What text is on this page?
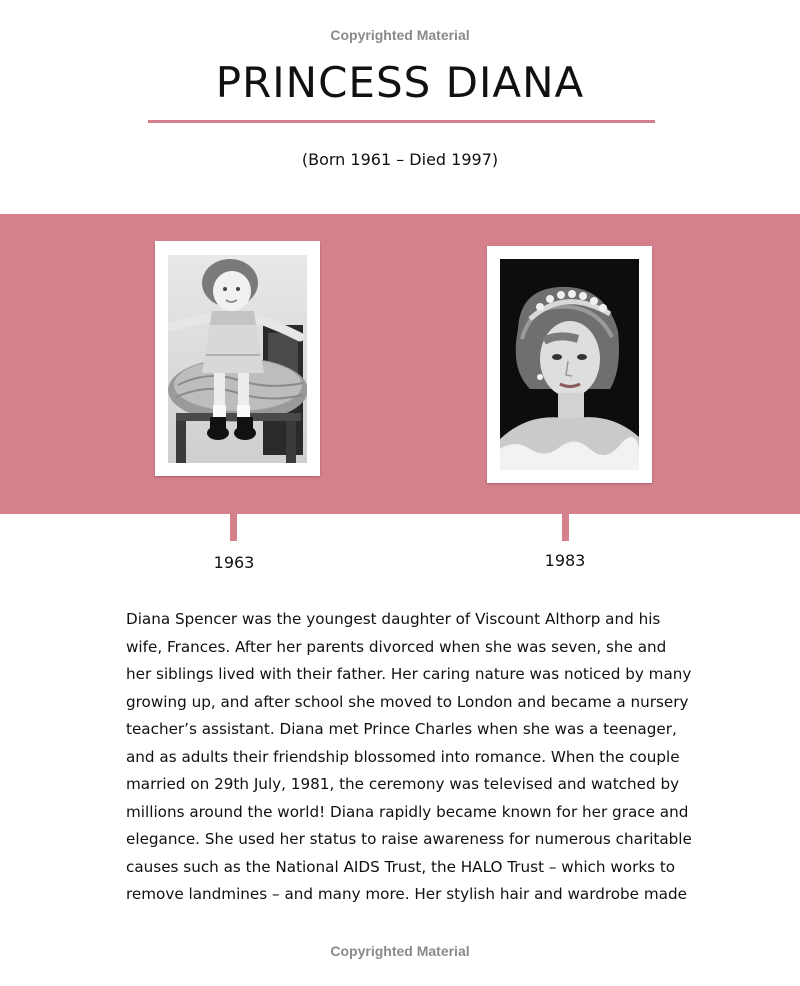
Copyrighted Material
PRINCESS DIANA
(Born 1961 – Died 1997)
1963	1983
Diana Spencer was the youngest daughter of Viscount Althorp and his
wife, Frances. After her parents divorced when she was seven, she and
her siblings lived with their father. Her caring nature was noticed by many
growing up, and after school she moved to London and became a nursery
teacher’s assistant. Diana met Prince Charles when she was a teenager,
and as adults their friendship blossomed into romance. When the couple
married on 29th July, 1981, the ceremony was televised and watched by
millions around the world! Diana rapidly became known for her grace and
elegance. She used her status to raise awareness for numerous charitable
causes such as the National AIDS Trust, the HALO Trust – which works to
remove landmines – and many more. Her stylish hair and wardrobe made
Copyrighted Material
